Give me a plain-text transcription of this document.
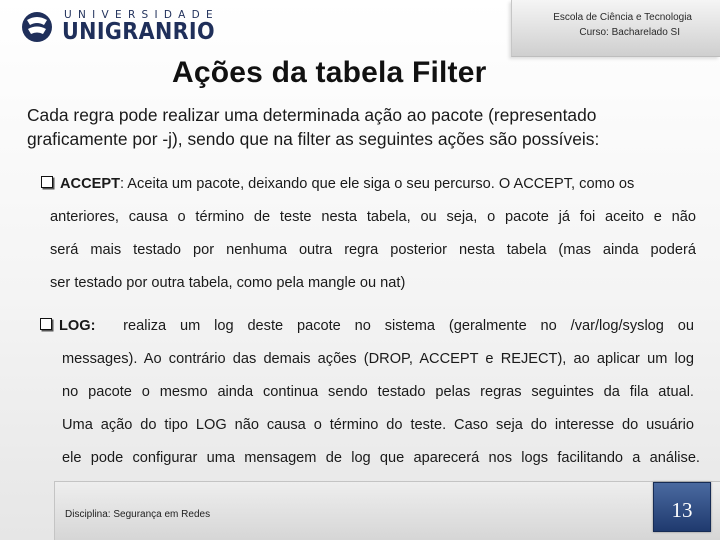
UNIVERSIDADE
UNIGRANRIO
Escola de Ciência e Tecnologia
Curso: Bacharelado SI
Ações da tabela Filter
Cada regra pode realizar uma determinada ação ao pacote (representado graficamente por -j), sendo que na filter as seguintes ações são possíveis:
ACCEPT: Aceita um pacote, deixando que ele siga o seu percurso. O ACCEPT, como os
anteriores, causa o término de teste nesta tabela, ou seja, o pacote já foi aceito e não
será mais testado por nenhuma outra regra posterior nesta tabela (mas ainda poderá
ser testado por outra tabela, como pela mangle ou nat)
LOG: realiza um log deste pacote no sistema (geralmente no /var/log/syslog ou
messages). Ao contrário das demais ações (DROP, ACCEPT e REJECT), ao aplicar um log
no pacote o mesmo ainda continua sendo testado pelas regras seguintes da fila atual.
Uma ação do tipo LOG não causa o término do teste. Caso seja do interesse do usuário
ele pode configurar uma mensagem de log que aparecerá nos logs facilitando a análise.
Disciplina: Segurança em Redes	13
